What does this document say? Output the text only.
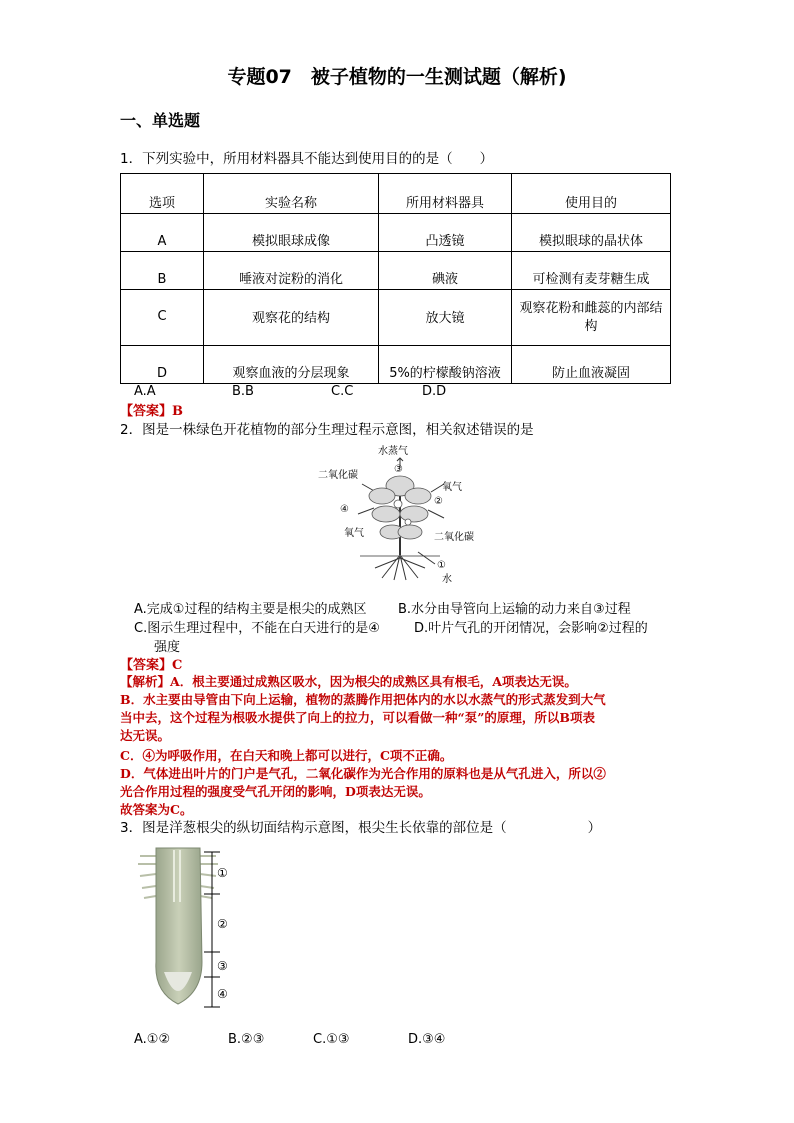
专题07　被子植物的一生测试题（解析)
一、单选题
1．下列实验中，所用材料器具不能达到使用目的的是（　　）
选项	实验名称	所用材料器具	使用目的
A	模拟眼球成像	凸透镜	模拟眼球的晶状体
B	唾液对淀粉的消化	碘液	可检测有麦芽糖生成
C	观察花的结构	放大镜	观察花粉和雌蕊的内部结构
D	观察血液的分层现象	5%的柠檬酸钠溶液	防止血液凝固
A.A	B.B	C.C	D.D
【答案】B
2．图是一株绿色开花植物的部分生理过程示意图，相关叙述错误的是
水蒸气
③
二氧化碳
氧气
②
④
氧气	二氧化碳
①
水
A.完成①过程的结构主要是根尖的成熟区 B.水分由导管向上运输的动力来自③过程
C.图示生理过程中，不能在白天进行的是④	D.叶片气孔的开闭情况，会影响②过程的
强度
【答案】C
【解析】A．根主要通过成熟区吸水，因为根尖的成熟区具有根毛，A项表达无误。
B．水主要由导管由下向上运输，植物的蒸腾作用把体内的水以水蒸气的形式蒸发到大气
当中去，这个过程为根吸水提供了向上的拉力，可以看做一种“泵”的原理，所以B项表
达无误。
C．④为呼吸作用，在白天和晚上都可以进行，C项不正确。
D．气体进出叶片的门户是气孔，二氧化碳作为光合作用的原料也是从气孔进入，所以②
光合作用过程的强度受气孔开闭的影响，D项表达无误。
故答案为C。
3．图是洋葱根尖的纵切面结构示意图，根尖生长依靠的部位是（　　　　　　）
①
②
③
④
A.①②	B.②③	C.①③	D.③④
